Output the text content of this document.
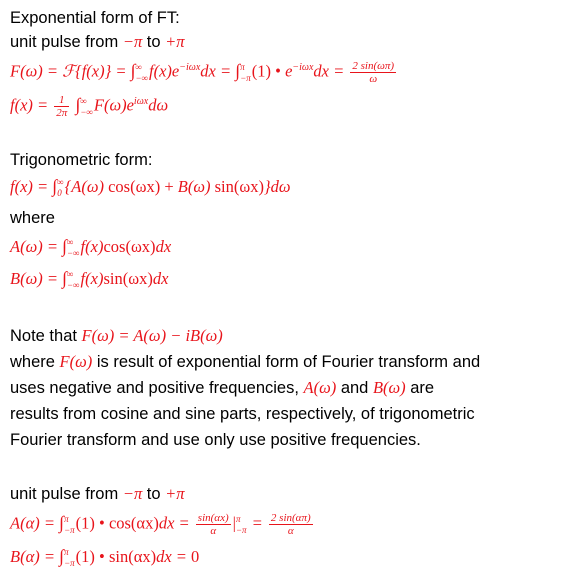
Exponential form of FT:
unit pulse from −π to +π
F(ω) = ℱ{f(x)} = ∫ ∞
−∞ $f(x)e^{-i\omega x}dx$ = ∫ π
−π (1) • $e^{-i\omega x}dx = \frac{2 \sin(\omega\pi)}{\omega}$
$f(x) = \frac{1}{2\pi}$ ∫ ∞
−∞ $F(\omega)e^{i\omega x}d\omega$
Trigonometric form:
f(x) = ∫ ∞
0 {A(ω) cos(ωx) + B(ω) sin(ωx)}dω
where
A(ω) = ∫ ∞
−∞ f(x)cos(ωx)dx
B(ω) = ∫ ∞
−∞ f(x)sin(ωx)dx
Note that F(ω) = A(ω) − iB(ω)
where F(ω) is result of exponential form of Fourier transform and
uses negative and positive frequencies, A(ω) and B(ω) are
results from cosine and sine parts, respectively, of trigonometric
Fourier transform and use only use positive frequencies.
unit pulse from −π to +π
A(α) = ∫ π
−π (1) • $\cos(\alpha x)dx = \frac{\sin(\alpha x)}{\alpha}$ | π
$-\pi = \frac{2 \sin(\alpha\pi)}{\alpha}$
B(α) = ∫ π
−π (1) • sin(αx)dx = 0
